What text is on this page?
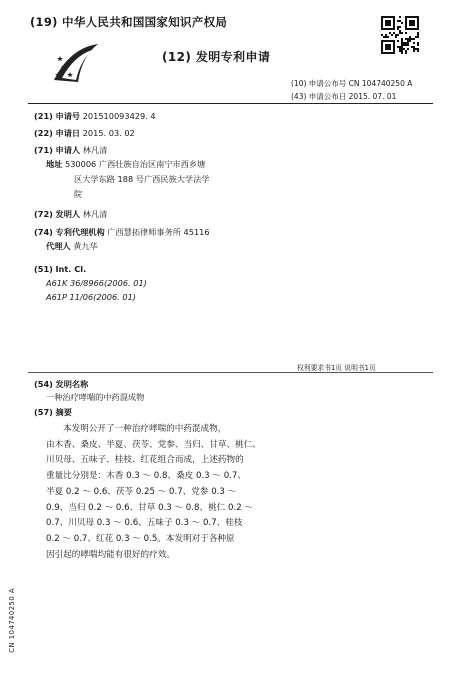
(19) 中华人民共和国国家知识产权局
(12) 发明专利申请
(10) 申请公布号 CN 104740250 A
(43) 申请公布日 2015. 07. 01
(21) 申请号 201510093429. 4
(22) 申请日 2015. 03. 02
(71) 申请人 林凡清
地址 530006 广西壮族自治区南宁市西乡塘
区大学东路 188 号广西民族大学法学
院
(72) 发明人 林凡清
(74) 专利代理机构 广西慧拓律师事务所 45116
代理人 黄九华
(51) Int. Cl.
A61K 36/8966(2006. 01)
A61P 11/06(2006. 01)
权利要求书1页 说明书1页
(54) 发明名称
一种治疗哮喘的中药混成物
(57) 摘要
本发明公开了一种治疗哮喘的中药混成物，
由木香、桑皮、半夏、茯苓、党参、当归、甘草、桃仁、
川贝母、五味子、桂枝、红花组合而成，上述药物的
重量比分别是：木香 0.3 ～ 0.8、桑皮 0.3 ～ 0.7、
半夏 0.2 ～ 0.6、茯苓 0.25 ～ 0.7、党参 0.3 ～
0.9、当归 0.2 ～ 0.6、甘草 0.3 ～ 0.8、桃仁 0.2 ～
0.7、川贝母 0.3 ～ 0.6、五味子 0.3 ～ 0.7、桂枝
0.2 ～ 0.7、红花 0.3 ～ 0.5。本发明对于各种原
因引起的哮喘均能有很好的疗效。
CN 104740250 A
